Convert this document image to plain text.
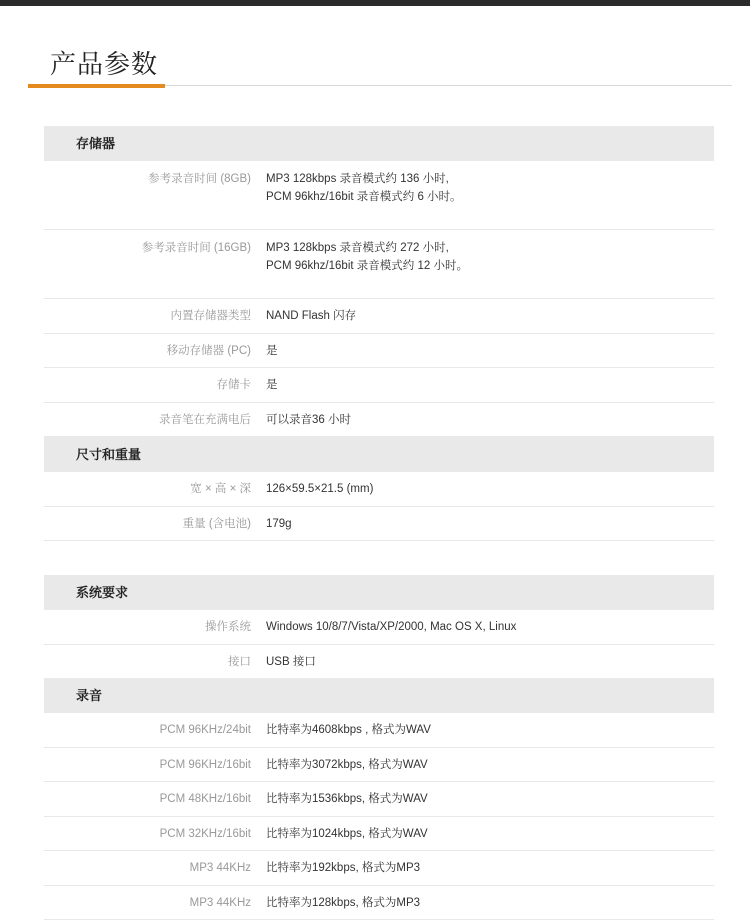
产品参数
存储器
参考录音时间 (8GB) MP3 128kbps 录音模式约 136 小时,
PCM 96khz/16bit 录音模式约 6 小时。
参考录音时间 (16GB) MP3 128kbps 录音模式约 272 小时,
PCM 96khz/16bit 录音模式约 12 小时。
内置存储器类型 NAND Flash 闪存
移动存储器 (PC) 是
存储卡 是
录音笔在充满电后 可以录音36 小时
尺寸和重量
宽 × 高 × 深 126×59.5×21.5 (mm)
重量 (含电池) 179g
系统要求
操作系统 Windows 10/8/7/Vista/XP/2000, Mac OS X, Linux
接口 USB 接口
录音
PCM 96KHz/24bit 比特率为4608kbps , 格式为WAV
PCM 96KHz/16bit 比特率为3072kbps, 格式为WAV
PCM 48KHz/16bit 比特率为1536kbps, 格式为WAV
PCM 32KHz/16bit 比特率为1024kbps, 格式为WAV
MP3 44KHz 比特率为192kbps, 格式为MP3
MP3 44KHz 比特率为128kbps, 格式为MP3
